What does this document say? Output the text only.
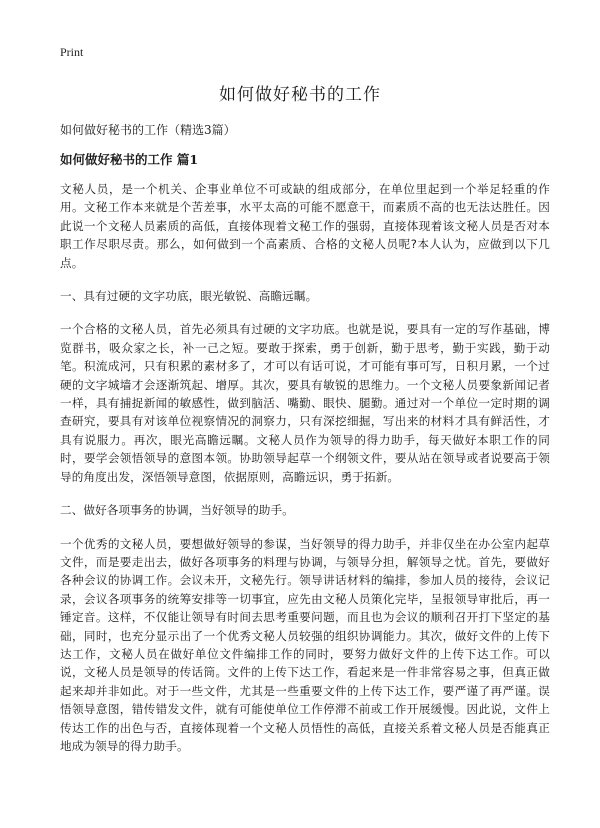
Print
如何做好秘书的工作
如何做好秘书的工作（精选3篇）
如何做好秘书的工作 篇1

文秘人员，是一个机关、企事业单位不可或缺的组成部分，在单位里起到一个举足轻重的作用。文秘工作本来就是个苦差事，水平太高的可能不愿意干，而素质不高的也无法达胜任。因此说一个文秘人员素质的高低，直接体现着文秘工作的强弱，直接体现着该文秘人员是否对本职工作尽职尽责。那么，如何做到一个高素质、合格的文秘人员呢?本人认为，应做到以下几点。

一、具有过硬的文字功底，眼光敏锐、高瞻远瞩。

一个合格的文秘人员，首先必须具有过硬的文字功底。也就是说，要具有一定的写作基础，博览群书，吸众家之长，补一己之短。要敢于探索，勇于创新，勤于思考，勤于实践，勤于动笔。积流成河，只有积累的素材多了，才可以有话可说，才可能有事可写，日积月累，一个过硬的文字城墙才会逐渐筑起、增厚。其次，要具有敏锐的思维力。一个文秘人员要象新闻记者一样，具有捕捉新闻的敏感性，做到脑活、嘴勤、眼快、腿勤。通过对一个单位一定时期的调查研究，要具有对该单位视察情况的洞察力，只有深挖细掘，写出来的材料才具有鲜活性，才具有说服力。再次，眼光高瞻远瞩。文秘人员作为领导的得力助手，每天做好本职工作的同时，要学会领悟领导的意图本领。协助领导起草一个纲领文件，要从站在领导或者说要高于领导的角度出发，深悟领导意图，依据原则，高瞻远识，勇于拓新。

二、做好各项事务的协调，当好领导的助手。

一个优秀的文秘人员，要想做好领导的参谋，当好领导的得力助手，并非仅坐在办公室内起草文件，而是要走出去，做好各项事务的料理与协调，与领导分担，解领导之忧。首先，要做好各种会议的协调工作。会议未开，文秘先行。领导讲话材料的编排，参加人员的接待，会议记录，会议各项事务的统筹安排等一切事宜，应先由文秘人员策化完毕，呈报领导审批后，再一锤定音。这样，不仅能让领导有时间去思考重要问题，而且也为会议的顺利召开打下坚定的基础，同时，也充分显示出了一个优秀文秘人员较强的组织协调能力。其次，做好文件的上传下达工作，文秘人员在做好单位文件编排工作的同时，要努力做好文件的上传下达工作。可以说，文秘人员是领导的传话筒。文件的上传下达工作，看起来是一件非常容易之事，但真正做起来却并非如此。对于一些文件，尤其是一些重要文件的上传下达工作，要严谨了再严谨。误悟领导意图，错传错发文件，就有可能使单位工作停滞不前或工作开展缓慢。因此说，文件上传达工作的出色与否，直接体现着一个文秘人员悟性的高低，直接关系着文秘人员是否能真正地成为领导的得力助手。
